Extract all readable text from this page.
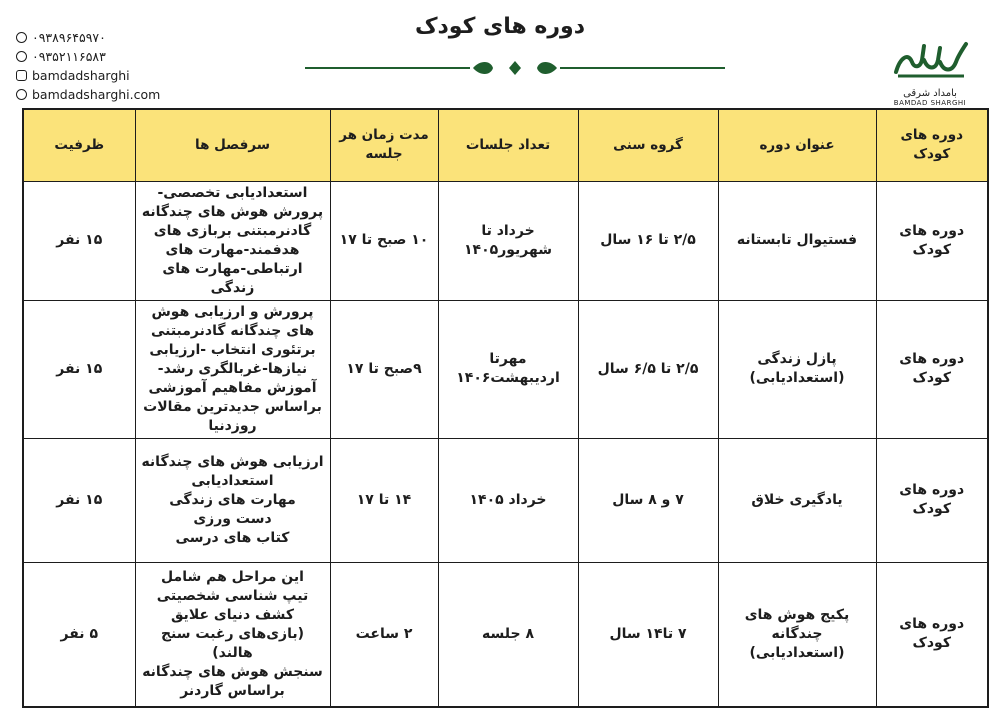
۰۹۳۸۹۶۴۵۹۷۰
۰۹۳۵۲۱۱۶۵۸۳
bamdadsharghi
bamdadsharghi.com
دوره های کودک
بامداد شرقی
BAMDAD SHARGHI
دوره های کودک	عنوان دوره	گروه سنی	تعداد جلسات	مدت زمان هر جلسه	سرفصل ها	ظرفیت
دوره های کودک	فستیوال تابستانه	۲/۵ تا ۱۶ سال	خرداد تا شهریور۱۴۰۵	۱۰ صبح تا ۱۷	استعدادیابی تخصصی-پرورش هوش های چندگانه گادنرمبتنی بربازی های هدفمند-مهارت های ارتباطی-مهارت های زندگی	۱۵ نفر
دوره های کودک	پازل زندگی (استعدادیابی)	۲/۵ تا ۶/۵ سال	مهرتا اردیبهشت۱۴۰۶	۹صبح تا ۱۷	پرورش و ارزیابی هوش های چندگانه گادنرمبتنی برتئوری انتخاب -ارزیابی نیازها-غربالگری رشد-آموزش مفاهیم آموزشی براساس جدیدترین مقالات روزدنیا	۱۵ نفر
دوره های کودک	یادگیری خلاق	۷ و ۸ سال	خرداد ۱۴۰۵	۱۴ تا ۱۷	ارزیابی هوش های چندگانه
استعدادیابی
مهارت های زندگی
دست ورزی
کتاب های درسی	۱۵ نفر
دوره های کودک	پکیج هوش های چندگانه (استعدادیابی)	۷ تا۱۴ سال	۸ جلسه	۲ ساعت	این مراحل هم شامل
تیپ شناسی شخصیتی
کشف دنیای علایق (بازی‌های رغبت سنج هالند)
سنجش هوش های چندگانه براساس گاردنر	۵ نفر
